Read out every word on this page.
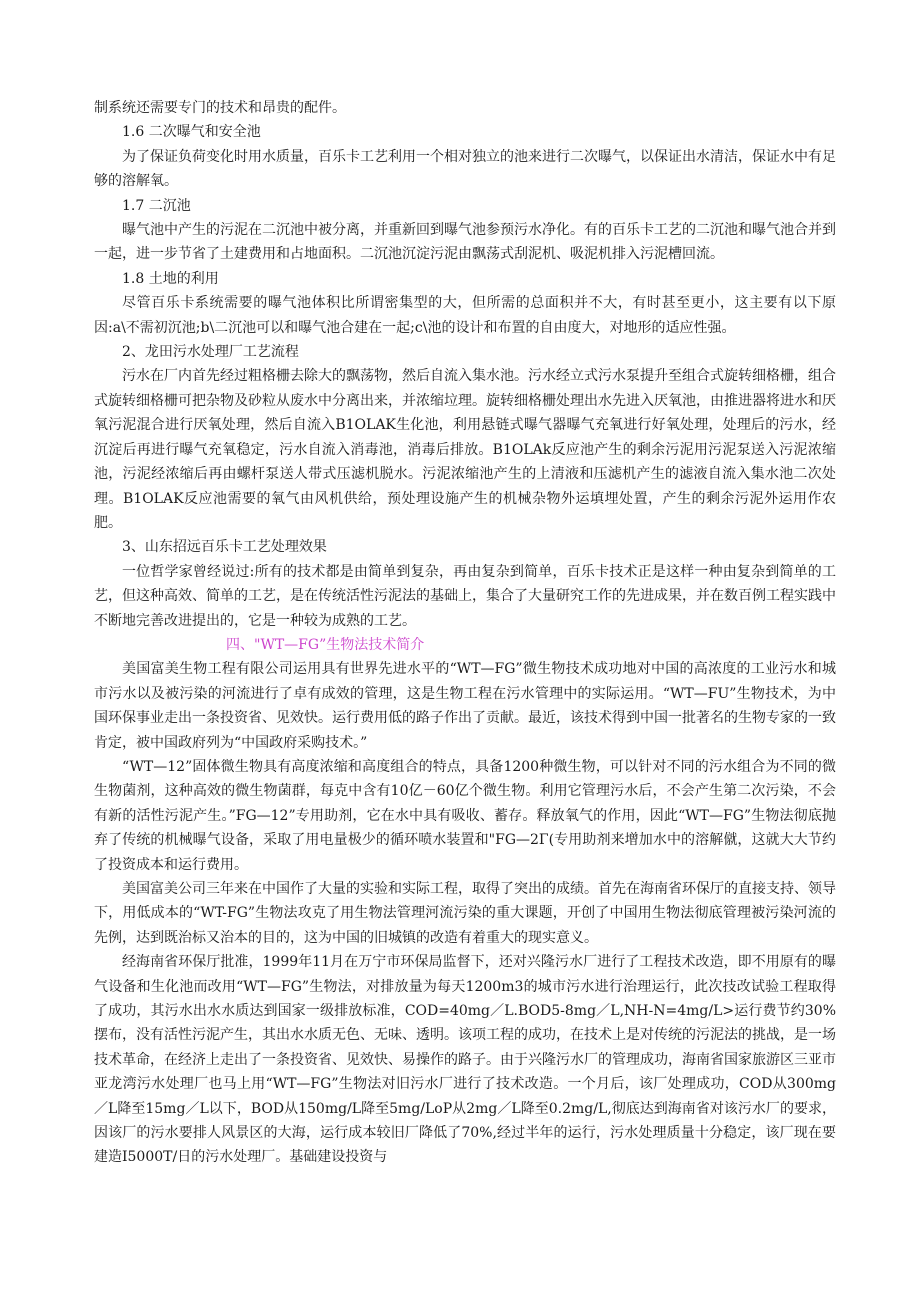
制系统还需要专门的技术和昂贵的配件。

1.6 二次曝气和安全池

为了保证负荷变化时用水质量，百乐卡工艺利用一个相对独立的池来进行二次曝气，以保证出水清洁，保证水中有足够的溶解氧。

1.7 二沉池

曝气池中产生的污泥在二沉池中被分离，并重新回到曝气池参预污水净化。有的百乐卡工艺的二沉池和曝气池合并到一起，进一步节省了土建费用和占地面积。二沉池沉淀污泥由飘荡式刮泥机、吸泥机排入污泥槽回流。

1.8 土地的利用

尽管百乐卡系统需要的曝气池体积比所谓密集型的大，但所需的总面积并不大，有时甚至更小，这主要有以下原因:a\不需初沉池;b\二沉池可以和曝气池合建在一起;c\池的设计和布置的自由度大，对地形的适应性强。

2、龙田污水处理厂工艺流程

污水在厂内首先经过粗格栅去除大的飘荡物，然后自流入集水池。污水经立式污水泵提升至组合式旋转细格栅，组合式旋转细格栅可把杂物及砂粒从废水中分离出来，并浓缩垃理。旋转细格栅处理出水先进入厌氧池，由推进器将进水和厌氧污泥混合进行厌氧处理，然后自流入B1OLAK生化池，利用悬链式曝气器曝气充氧进行好氧处理，处理后的污水，经沉淀后再进行曝气充氧稳定，污水自流入消毒池，消毒后排放。B1OLAk反应池产生的剩余污泥用污泥泵送入污泥浓缩池，污泥经浓缩后再由螺杆泵送人带式压滤机脱水。污泥浓缩池产生的上清液和压滤机产生的滤液自流入集水池二次处理。B1OLAK反应池需要的氧气由风机供给，预处理设施产生的机械杂物外运填埋处置，产生的剩余污泥外运用作农肥。

3、山东招远百乐卡工艺处理效果

一位哲学家曾经说过:所有的技术都是由简单到复杂，再由复杂到简单，百乐卡技术正是这样一种由复杂到简单的工艺，但这种高效、简单的工艺，是在传统活性污泥法的基础上，集合了大量研究工作的先进成果，并在数百例工程实践中不断地完善改进提出的，它是一种较为成熟的工艺。

四、"WT—FG”生物法技术简介

美国富美生物工程有限公司运用具有世界先进水平的“WT—FG”微生物技术成功地对中国的高浓度的工业污水和城市污水以及被污染的河流进行了卓有成效的管理，这是生物工程在污水管理中的实际运用。“WT—FU”生物技术，为中国环保事业走出一条投资省、见效快。运行费用低的路子作出了贡献。最近，该技术得到中国一批著名的生物专家的一致肯定，被中国政府列为“中国政府采购技术。”

“WT—12”固体微生物具有高度浓缩和高度组合的特点，具备1200种微生物，可以针对不同的污水组合为不同的微生物菌剂，这种高效的微生物菌群，每克中含有10亿－60亿个微生物。利用它管理污水后，不会产生第二次污染，不会有新的活性污泥产生。”FG—12”专用助剂，它在水中具有吸收、蓄存。释放氧气的作用，因此“WT—FG”生物法彻底抛弃了传统的机械曝气设备，采取了用电量极少的循环喷水装置和"FG—2Γ(专用助剂来增加水中的溶解僦，这就大大节约了投资成本和运行费用。

美国富美公司三年来在中国作了大量的实验和实际工程，取得了突出的成绩。首先在海南省环保厅的直接支持、领导下，用低成本的“WT-FG”生物法攻克了用生物法管理河流污染的重大课题，开创了中国用生物法彻底管理被污染河流的先例，达到既治标又治本的目的，这为中国的旧城镇的改造有着重大的现实意义。

经海南省环保厅批准，1999年11月在万宁市环保局监督下，还对兴隆污水厂进行了工程技术改造，即不用原有的曝气设备和生化池而改用“WT—FG”生物法，对排放量为每天1200m3的城市污水进行治理运行，此次技改试验工程取得了成功，其污水出水水质达到国家一级排放标准，COD=40mg／L.BOD5-8mg／L,NH-N=4mg/L>运行费节约30%摆布，没有活性污泥产生，其出水水质无色、无味、透明。该项工程的成功，在技术上是对传统的污泥法的挑战，是一场技术革命，在经济上走出了一条投资省、见效快、易操作的路子。由于兴隆污水厂的管理成功，海南省国家旅游区三亚市亚龙湾污水处理厂也马上用“WT—FG”生物法对旧污水厂进行了技术改造。一个月后，该厂处理成功，COD从300mg／L降至15mg／L以下，BOD从150mg/L降至5mg/LoP从2mg／L降至0.2mg/L,彻底达到海南省对该污水厂的要求，因该厂的污水要排人风景区的大海，运行成本较旧厂降低了70%,经过半年的运行，污水处理质量十分稳定，该厂现在要建造I5000T/日的污水处理厂。基础建设投资与
